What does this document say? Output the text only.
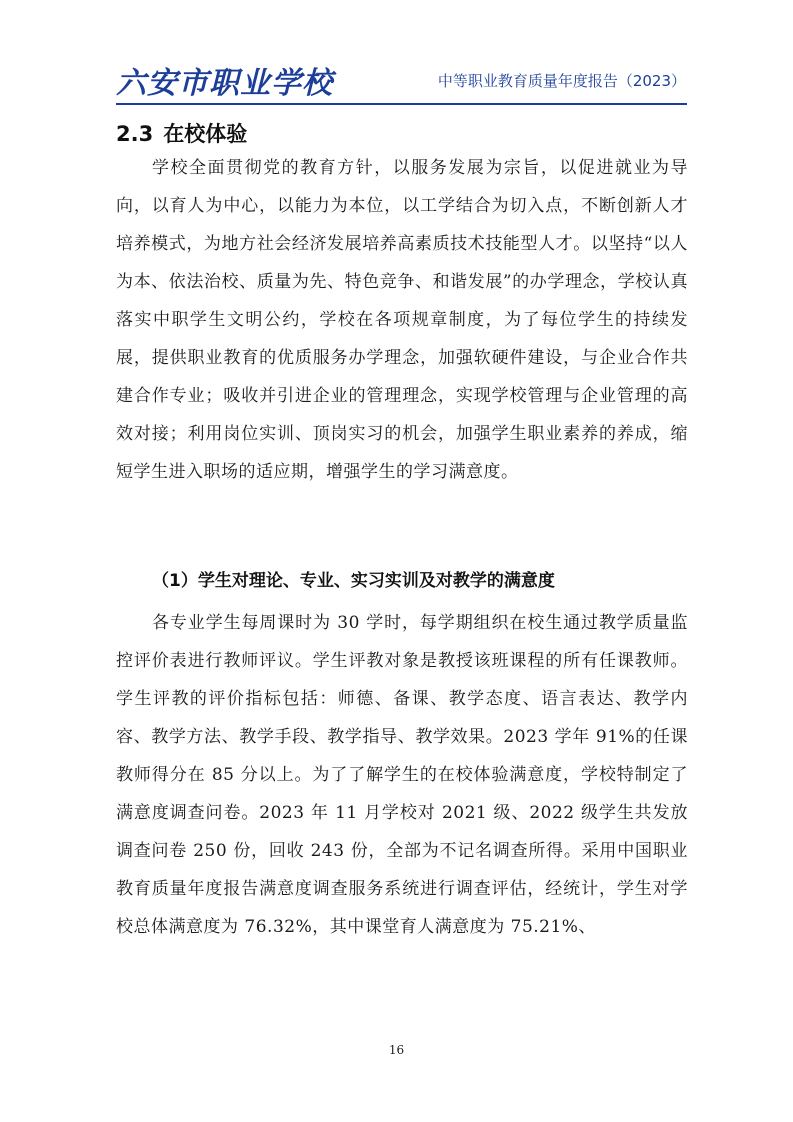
六安市职业学校	中等职业教育质量年度报告（2023）
2.3 在校体验

学校全面贯彻党的教育方针，以服务发展为宗旨，以促进就业为导向，以育人为中心，以能力为本位，以工学结合为切入点，不断创新人才培养模式，为地方社会经济发展培养高素质技术技能型人才。以坚持“以人为本、依法治校、质量为先、特色竞争、和谐发展”的办学理念，学校认真落实中职学生文明公约，学校在各项规章制度，为了每位学生的持续发展，提供职业教育的优质服务办学理念，加强软硬件建设，与企业合作共建合作专业；吸收并引进企业的管理理念，实现学校管理与企业管理的高效对接；利用岗位实训、顶岗实习的机会，加强学生职业素养的养成，缩短学生进入职场的适应期，增强学生的学习满意度。

（1）学生对理论、专业、实习实训及对教学的满意度

各专业学生每周课时为 30 学时，每学期组织在校生通过教学质量监控评价表进行教师评议。学生评教对象是教授该班课程的所有任课教师。学生评教的评价指标包括：师德、备课、教学态度、语言表达、教学内容、教学方法、教学手段、教学指导、教学效果。2023 学年 91%的任课教师得分在 85 分以上。为了了解学生的在校体验满意度，学校特制定了满意度调查问卷。2023 年 11 月学校对 2021 级、2022 级学生共发放调查问卷 250 份，回收 243 份，全部为不记名调查所得。采用中国职业教育质量年度报告满意度调查服务系统进行调查评估，经统计，学生对学校总体满意度为 76.32%，其中课堂育人满意度为 75.21%、

16
